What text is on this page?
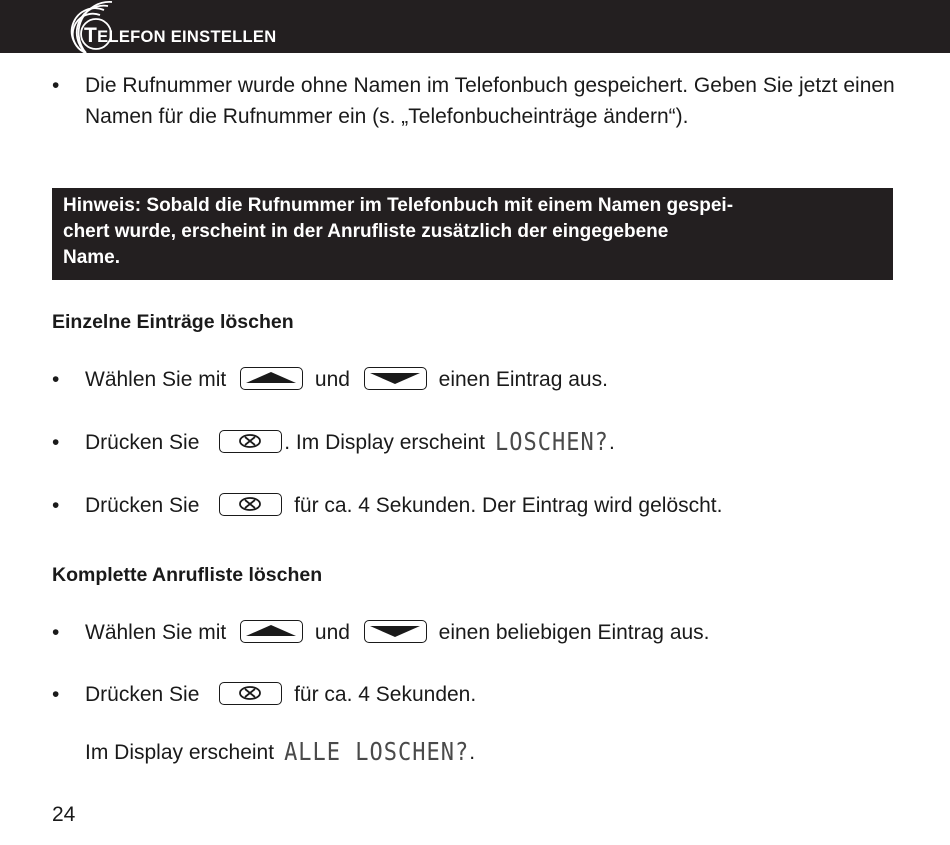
TELEFON EINSTELLEN
• Die Rufnummer wurde ohne Namen im Telefonbuch gespeichert. Geben Sie jetzt einen Namen für die Rufnummer ein (s. „Telefonbucheinträge ändern“).
Hinweis: Sobald die Rufnummer im Telefonbuch mit einem Namen gespei-
chert wurde, erscheint in der Anrufliste zusätzlich der eingegebene
Name.
Einzelne Einträge löschen
• Wählen Sie mit	und	einen Eintrag aus.
• Drücken Sie	. Im Display erscheint LOSCHEN?.
• Drücken Sie	für ca. 4 Sekunden. Der Eintrag wird gelöscht.
Komplette Anrufliste löschen
• Wählen Sie mit	und	einen beliebigen Eintrag aus.
• Drücken Sie	für ca. 4 Sekunden.
Im Display erscheint ALLE LOSCHEN?.
24
